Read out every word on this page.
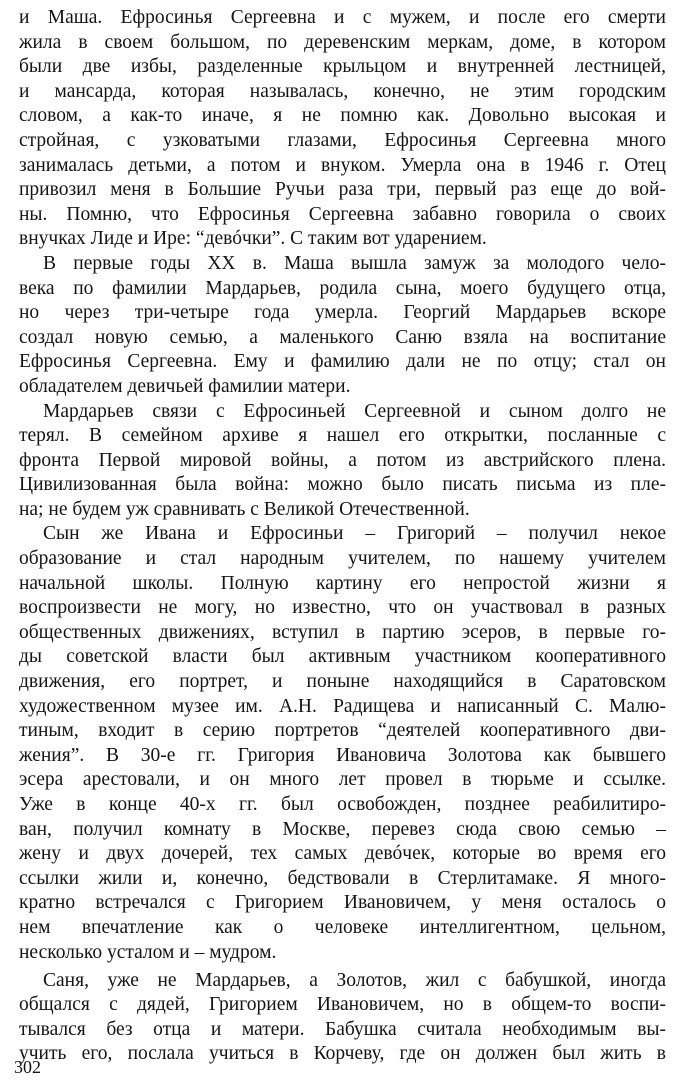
и Маша. Ефросинья Сергеевна и с мужем, и после его смерти
жила в своем большом, по деревенским меркам, доме, в котором
были две избы, разделенные крыльцом и внутренней лестницей,
и мансарда, которая называлась, конечно, не этим городским
словом, а как-то иначе, я не помню как. Довольно высокая и
стройная, с узковатыми глазами, Ефросинья Сергеевна много
занималась детьми, а потом и внуком. Умерла она в 1946 г. Отец
привозил меня в Большие Ручьи раза три, первый раз еще до вой-
ны. Помню, что Ефросинья Сергеевна забавно говорила о своих
внучках Лиде и Ире: “девóчки”. С таким вот ударением.
В первые годы XX в. Маша вышла замуж за молодого чело-
века по фамилии Мардарьев, родила сына, моего будущего отца,
но через три-четыре года умерла. Георгий Мардарьев вскоре
создал новую семью, а маленького Саню взяла на воспитание
Ефросинья Сергеевна. Ему и фамилию дали не по отцу; стал он
обладателем девичьей фамилии матери.
Мардарьев связи с Ефросиньей Сергеевной и сыном долго не
терял. В семейном архиве я нашел его открытки, посланные с
фронта Первой мировой войны, а потом из австрийского плена.
Цивилизованная была война: можно было писать письма из пле-
на; не будем уж сравнивать с Великой Отечественной.
Сын же Ивана и Ефросиньи – Григорий – получил некое
образование и стал народным учителем, по нашему учителем
начальной школы. Полную картину его непростой жизни я
воспроизвести не могу, но известно, что он участвовал в разных
общественных движениях, вступил в партию эсеров, в первые го-
ды советской власти был активным участником кооперативного
движения, его портрет, и поныне находящийся в Саратовском
художественном музее им. А.Н. Радищева и написанный С. Малю-
тиным, входит в серию портретов “деятелей кооперативного дви-
жения”. В 30-е гг. Григория Ивановича Золотова как бывшего
эсера арестовали, и он много лет провел в тюрьме и ссылке.
Уже в конце 40-х гг. был освобожден, позднее реабилитиро-
ван, получил комнату в Москве, перевез сюда свою семью –
жену и двух дочерей, тех самых девóчек, которые во время его
ссылки жили и, конечно, бедствовали в Стерлитамаке. Я много-
кратно встречался с Григорием Ивановичем, у меня осталось о
нем впечатление как о человеке интеллигентном, цельном,
несколько усталом и – мудром.
Саня, уже не Мардарьев, а Золотов, жил с бабушкой, иногда
общался с дядей, Григорием Ивановичем, но в общем-то воспи-
тывался без отца и матери. Бабушка считала необходимым вы-
учить его, послала учиться в Корчеву, где он должен был жить в
302
